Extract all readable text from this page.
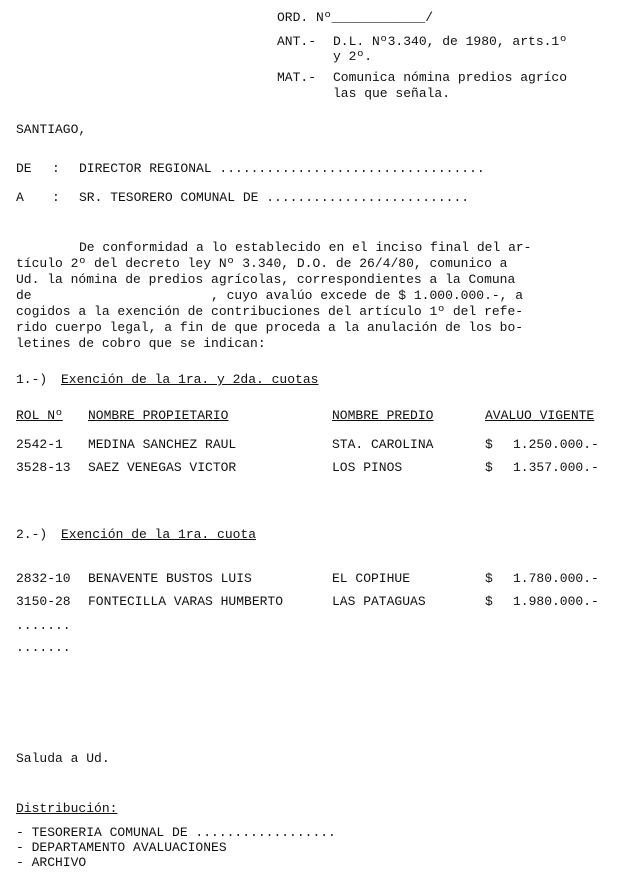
ORD. Nº____________/
ANT.- D.L. Nº3.340, de 1980, arts.1º
y 2º.
MAT.- Comunica nómina predios agríco
las que señala.
SANTIAGO,
DE : DIRECTOR REGIONAL ..................................
A : SR. TESORERO COMUNAL DE ..........................
De conformidad a lo establecido en el inciso final del ar-
tículo 2º del decreto ley Nº 3.340, D.O. de 26/4/80, comunico a
Ud. la nómina de predios agrícolas, correspondientes a la Comuna
de                       , cuyo avalúo excede de $ 1.000.000.-, a
cogidos a la exención de contribuciones del artículo 1º del refe-
rido cuerpo legal, a fin de que proceda a la anulación de los bo-
letines de cobro que se indican:
1.-) Exención de la 1ra. y 2da. cuotas
ROL Nº NOMBRE PROPIETARIO	NOMBRE PREDIO	AVALUO VIGENTE
2542-1 MEDINA SANCHEZ RAUL	STA. CAROLINA	$ 1.250.000.-
3528-13 SAEZ VENEGAS VICTOR	LOS PINOS	$ 1.357.000.-
2.-) Exención de la 1ra. cuota
2832-10 BENAVENTE BUSTOS LUIS	EL COPIHUE	$ 1.780.000.-
3150-28 FONTECILLA VARAS HUMBERTO	LAS PATAGUAS	$ 1.980.000.-
.......
.......
Saluda a Ud.
Distribución:
- TESORERIA COMUNAL DE ..................
- DEPARTAMENTO AVALUACIONES
- ARCHIVO
